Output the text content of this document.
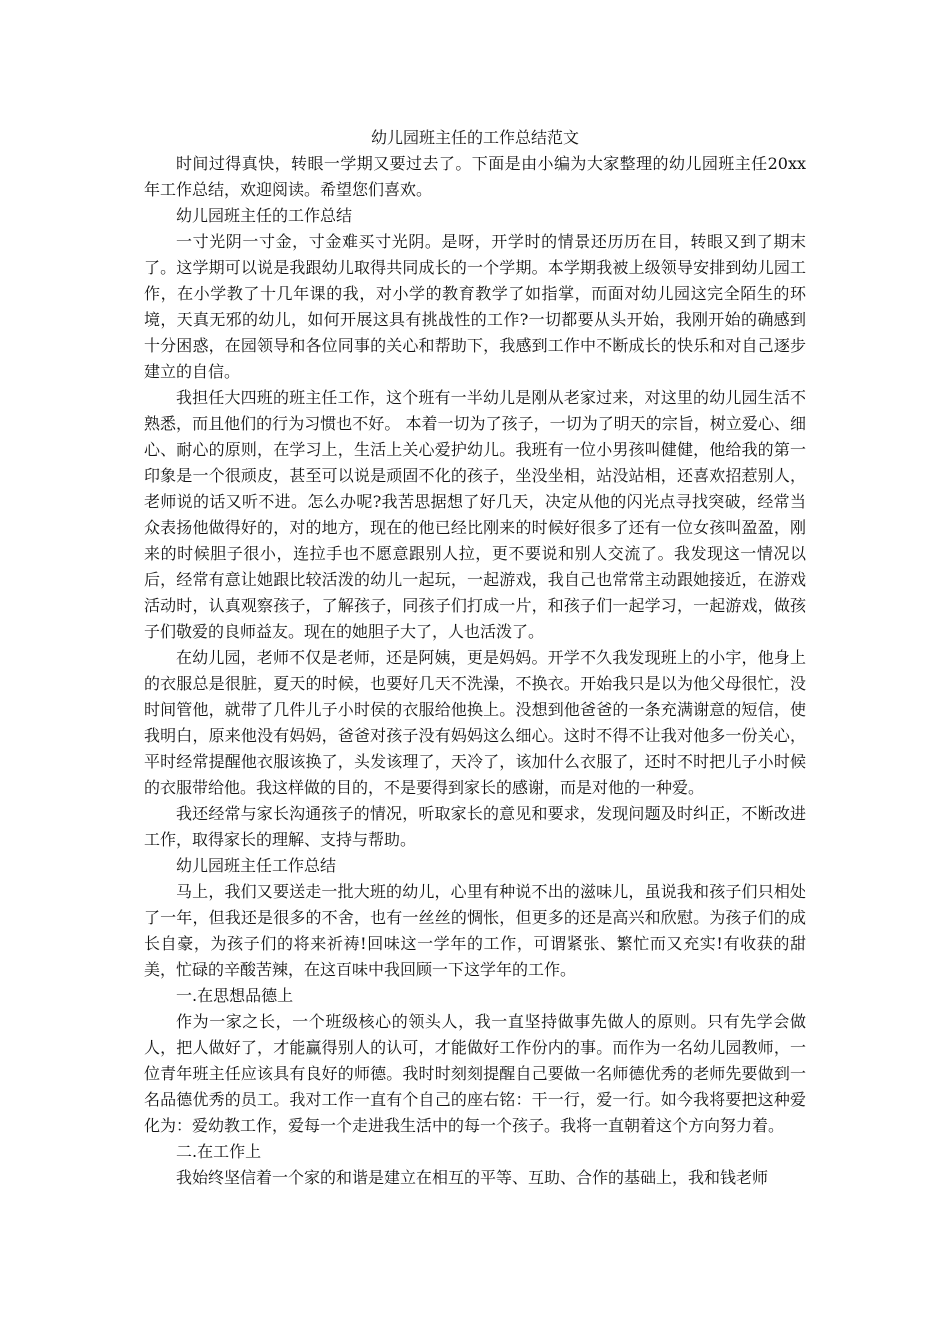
幼儿园班主任的工作总结范文

时间过得真快，转眼一学期又要过去了。下面是由小编为大家整理的幼儿园班主任20xx年工作总结，欢迎阅读。希望您们喜欢。

幼儿园班主任的工作总结

一寸光阴一寸金，寸金难买寸光阴。是呀，开学时的情景还历历在目，转眼又到了期末了。这学期可以说是我跟幼儿取得共同成长的一个学期。本学期我被上级领导安排到幼儿园工作，在小学教了十几年课的我，对小学的教育教学了如指掌，而面对幼儿园这完全陌生的环境，天真无邪的幼儿，如何开展这具有挑战性的工作?一切都要从头开始，我刚开始的确感到十分困惑，在园领导和各位同事的关心和帮助下，我感到工作中不断成长的快乐和对自己逐步建立的自信。

我担任大四班的班主任工作，这个班有一半幼儿是刚从老家过来，对这里的幼儿园生活不熟悉，而且他们的行为习惯也不好。 本着一切为了孩子，一切为了明天的宗旨，树立爱心、细心、耐心的原则，在学习上，生活上关心爱护幼儿。我班有一位小男孩叫健健，他给我的第一印象是一个很顽皮，甚至可以说是顽固不化的孩子，坐没坐相，站没站相，还喜欢招惹别人，老师说的话又听不进。怎么办呢?我苦思据想了好几天，决定从他的闪光点寻找突破，经常当众表扬他做得好的，对的地方，现在的他已经比刚来的时候好很多了还有一位女孩叫盈盈，刚来的时候胆子很小，连拉手也不愿意跟别人拉，更不要说和别人交流了。我发现这一情况以后，经常有意让她跟比较活泼的幼儿一起玩，一起游戏，我自己也常常主动跟她接近，在游戏活动时，认真观察孩子，了解孩子，同孩子们打成一片，和孩子们一起学习，一起游戏，做孩子们敬爱的良师益友。现在的她胆子大了，人也活泼了。

在幼儿园，老师不仅是老师，还是阿姨，更是妈妈。开学不久我发现班上的小宇，他身上的衣服总是很脏，夏天的时候，也要好几天不洗澡，不换衣。开始我只是以为他父母很忙，没时间管他，就带了几件儿子小时侯的衣服给他换上。没想到他爸爸的一条充满谢意的短信，使我明白，原来他没有妈妈，爸爸对孩子没有妈妈这么细心。这时不得不让我对他多一份关心，平时经常提醒他衣服该换了，头发该理了，天冷了，该加什么衣服了，还时不时把儿子小时候的衣服带给他。我这样做的目的，不是要得到家长的感谢，而是对他的一种爱。

我还经常与家长沟通孩子的情况，听取家长的意见和要求，发现问题及时纠正，不断改进工作，取得家长的理解、支持与帮助。

幼儿园班主任工作总结

马上，我们又要送走一批大班的幼儿，心里有种说不出的滋味儿，虽说我和孩子们只相处了一年，但我还是很多的不舍，也有一丝丝的惆怅，但更多的还是高兴和欣慰。为孩子们的成长自豪，为孩子们的将来祈祷!回味这一学年的工作，可谓紧张、繁忙而又充实!有收获的甜美，忙碌的辛酸苦辣，在这百味中我回顾一下这学年的工作。

一.在思想品德上

作为一家之长，一个班级核心的领头人，我一直坚持做事先做人的原则。只有先学会做人，把人做好了，才能赢得别人的认可，才能做好工作份内的事。而作为一名幼儿园教师，一位青年班主任应该具有良好的师德。我时时刻刻提醒自己要做一名师德优秀的老师先要做到一名品德优秀的员工。我对工作一直有个自己的座右铭：干一行，爱一行。如今我将要把这种爱化为：爱幼教工作，爱每一个走进我生活中的每一个孩子。我将一直朝着这个方向努力着。

二.在工作上

我始终坚信着一个家的和谐是建立在相互的平等、互助、合作的基础上，我和钱老师
